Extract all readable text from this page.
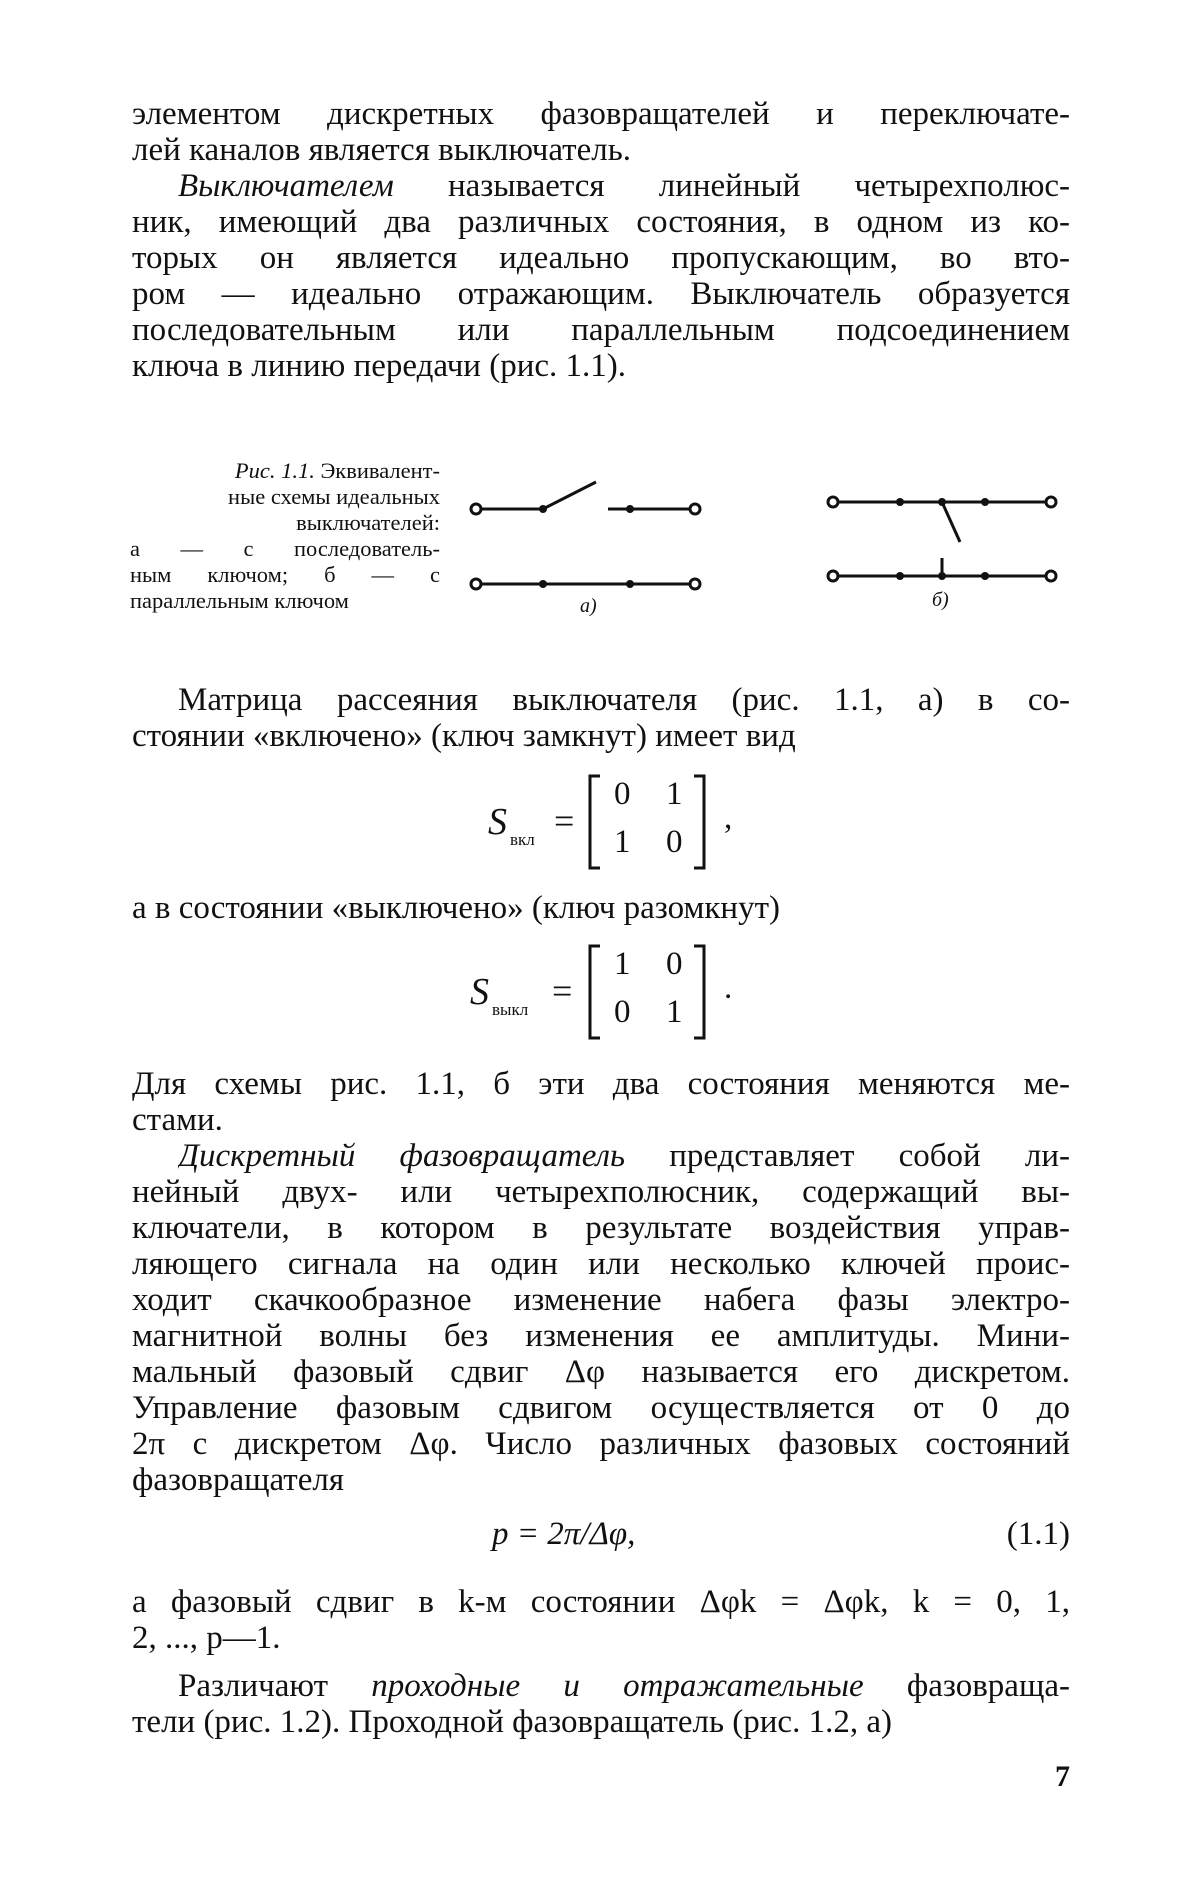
элементом дискретных фазовращателей и переключате-
лей каналов является выключатель.
Выключателем называется линейный четырехполюс-
ник, имеющий два различных состояния, в одном из ко-
торых он является идеально пропускающим, во вто-
ром — идеально отражающим. Выключатель образуется
последовательным или параллельным подсоединением
ключа в линию передачи (рис. 1.1).

Рис. 1.1. Эквивалент-

ные схемы идеальных

выключателей:

а — с последователь-

ным ключом; б — с

параллельным ключом	а)	б)
Матрица рассеяния выключателя (рис. 1.1, а) в со-
стоянии «включено» (ключ замкнут) имеет вид
S вкл =
0 1
1 0
,
а в состоянии «выключено» (ключ разомкнут)
S выкл =
1 0
0 1
.
Для схемы рис. 1.1, б эти два состояния меняются ме-
стами.
Дискретный фазовращатель представляет собой ли-
нейный двух- или четырехполюсник, содержащий вы-
ключатели, в котором в результате воздействия управ-
ляющего сигнала на один или несколько ключей проис-
ходит скачкообразное изменение набега фазы электро-
магнитной волны без изменения ее амплитуды. Мини-
мальный фазовый сдвиг Δφ называется его дискретом.
Управление фазовым сдвигом осуществляется от 0 до
2π с дискретом Δφ. Число различных фазовых состояний
фазовращателя
p = 2π/Δφ,	(1.1)
а фазовый сдвиг в k-м состоянии Δφk = Δφk, k = 0, 1,
2, ..., p—1.
Различают проходные и отражательные фазовраща-
тели (рис. 1.2). Проходной фазовращатель (рис. 1.2, а)
7
